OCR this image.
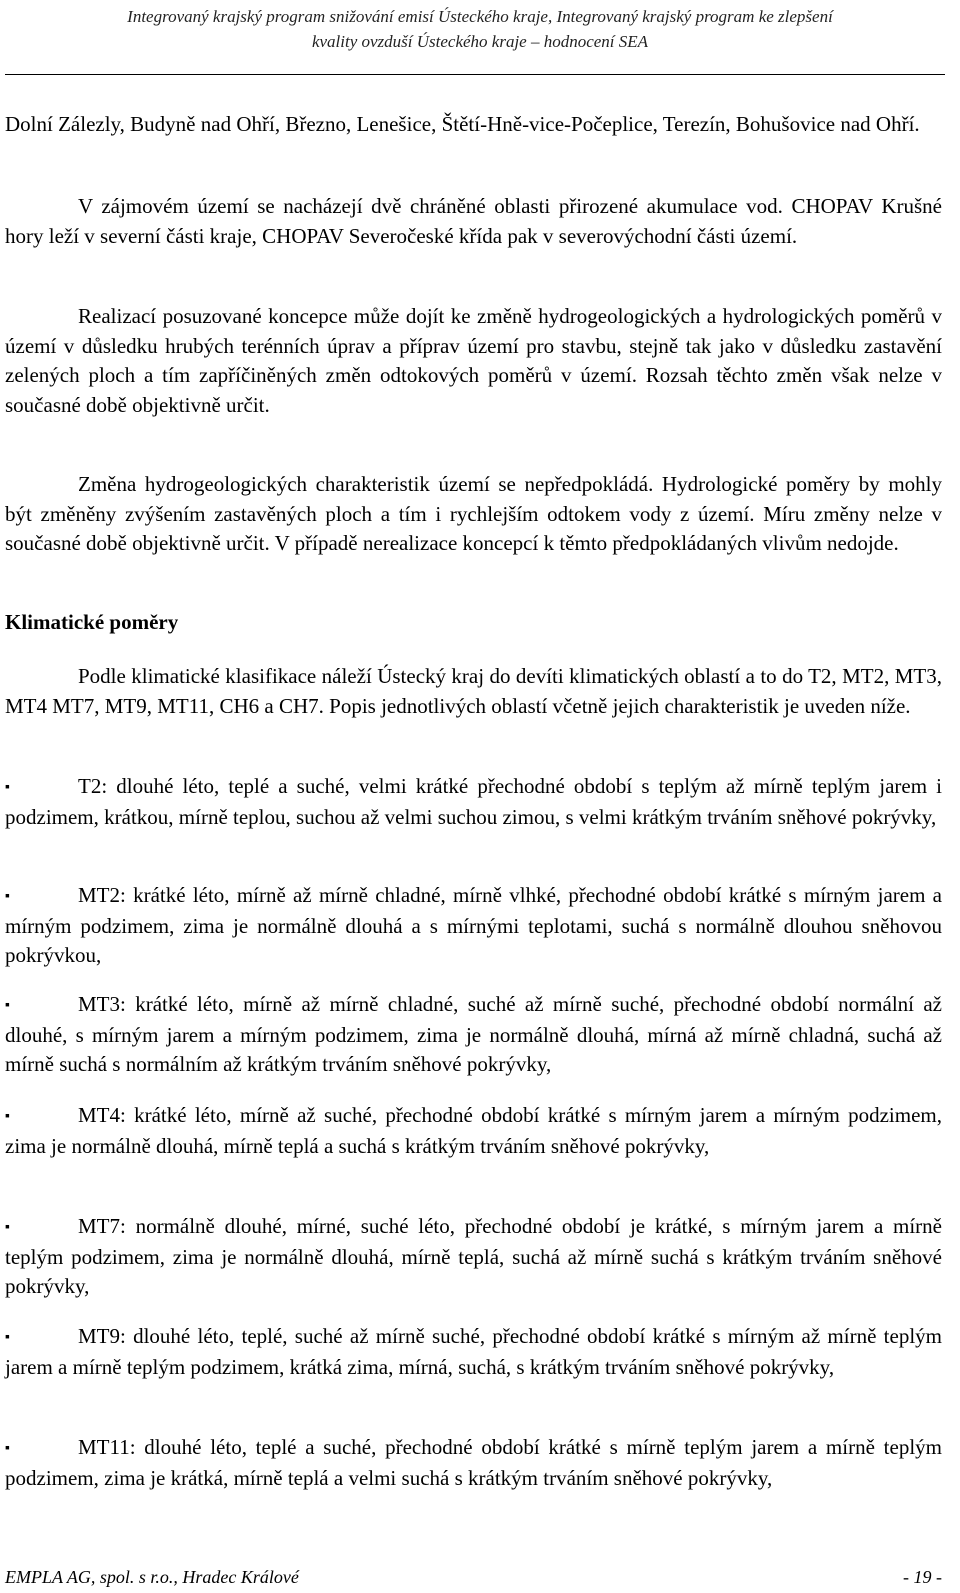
Integrovaný krajský program snižování emisí Ústeckého kraje, Integrovaný krajský program ke zlepšení
kvality ovzduší Ústeckého kraje – hodnocení SEA

Dolní Zálezly, Budyně nad Ohří, Březno, Lenešice, Štětí-Hně-vice-Počeplice, Terezín, Bohušovice nad Ohří.

V zájmovém území se nacházejí dvě chráněné oblasti přirozené akumulace vod. CHOPAV Krušné hory leží v severní části kraje, CHOPAV Severočeské křída pak v severovýchodní části území.

Realizací posuzované koncepce může dojít ke změně hydrogeologických a hydrologických poměrů v území v důsledku hrubých terénních úprav a příprav území pro stavbu, stejně tak jako v důsledku zastavění zelených ploch a tím zapříčiněných změn odtokových poměrů v území. Rozsah těchto změn však nelze v současné době objektivně určit.

Změna hydrogeologických charakteristik území se nepředpokládá. Hydrologické poměry by mohly být změněny zvýšením zastavěných ploch a tím i rychlejším odtokem vody z území. Míru změny nelze v současné době objektivně určit. V případě nerealizace koncepcí k těmto předpokládaných vlivům nedojde.

Klimatické poměry

Podle klimatické klasifikace náleží Ústecký kraj do devíti klimatických oblastí a to do T2, MT2, MT3, MT4 MT7, MT9, MT11, CH6 a CH7. Popis jednotlivých oblastí včetně jejich charakteristik je uveden níže.

▪	T2: dlouhé léto, teplé a suché, velmi krátké přechodné období s teplým až mírně teplým jarem i podzimem, krátkou, mírně teplou, suchou až velmi suchou zimou, s velmi krátkým trváním sněhové pokrývky,

▪	MT2: krátké léto, mírně až mírně chladné, mírně vlhké, přechodné období krátké s mírným jarem a mírným podzimem, zima je normálně dlouhá a s mírnými teplotami, suchá s normálně dlouhou sněhovou pokrývkou,

▪	MT3: krátké léto, mírně až mírně chladné, suché až mírně suché, přechodné období normální až dlouhé, s mírným jarem a mírným podzimem, zima je normálně dlouhá, mírná až mírně chladná, suchá až mírně suchá s normálním až krátkým trváním sněhové pokrývky,

▪	MT4: krátké léto, mírně až suché, přechodné období krátké s mírným jarem a mírným podzimem, zima je normálně dlouhá, mírně teplá a suchá s krátkým trváním sněhové pokrývky,

▪	MT7: normálně dlouhé, mírné, suché léto, přechodné období je krátké, s mírným jarem a mírně teplým podzimem, zima je normálně dlouhá, mírně teplá, suchá až mírně suchá s krátkým trváním sněhové pokrývky,

▪	MT9: dlouhé léto, teplé, suché až mírně suché, přechodné období krátké s mírným až mírně teplým jarem a mírně teplým podzimem, krátká zima, mírná, suchá, s krátkým trváním sněhové pokrývky,

▪	MT11: dlouhé léto, teplé a suché, přechodné období krátké s mírně teplým jarem a mírně teplým podzimem, zima je krátká, mírně teplá a velmi suchá s krátkým trváním sněhové pokrývky,

EMPLA AG, spol. s r.o., Hradec Králové	- 19 -
